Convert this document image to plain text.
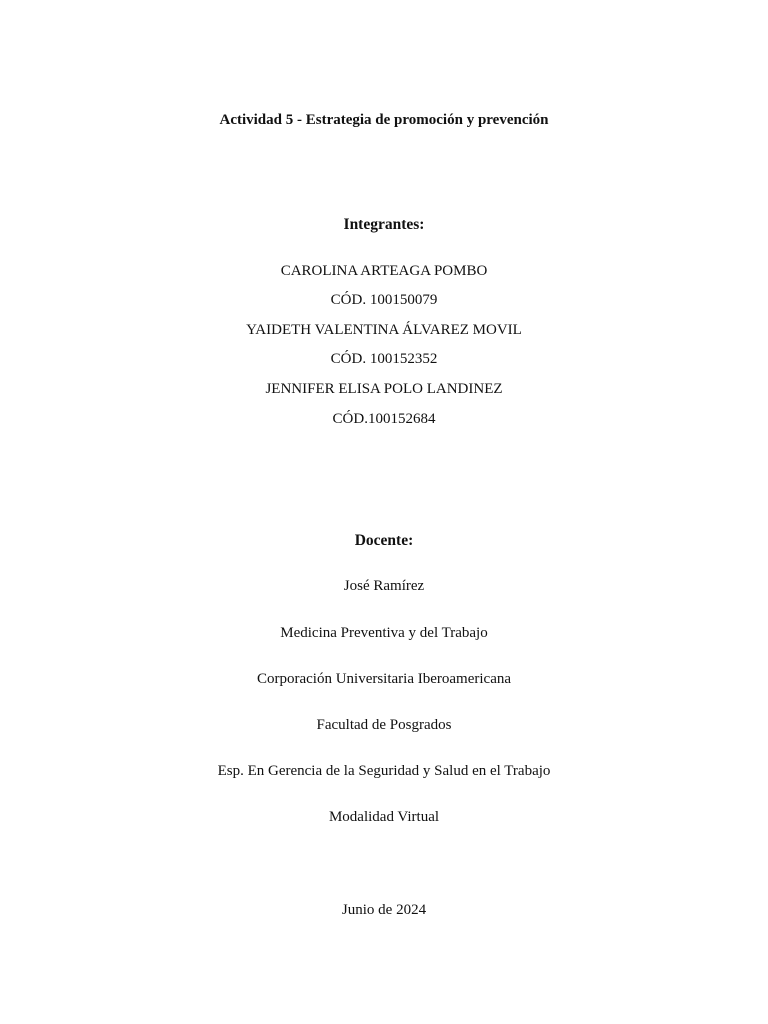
Actividad 5 - Estrategia de promoción y prevención
Integrantes:
CAROLINA ARTEAGA POMBO
CÓD. 100150079
YAIDETH VALENTINA ÁLVAREZ MOVIL
CÓD. 100152352
JENNIFER ELISA POLO LANDINEZ
CÓD.100152684
Docente:
José Ramírez
Medicina Preventiva y del Trabajo
Corporación Universitaria Iberoamericana
Facultad de Posgrados
Esp. En Gerencia de la Seguridad y Salud en el Trabajo
Modalidad Virtual
Junio de 2024
